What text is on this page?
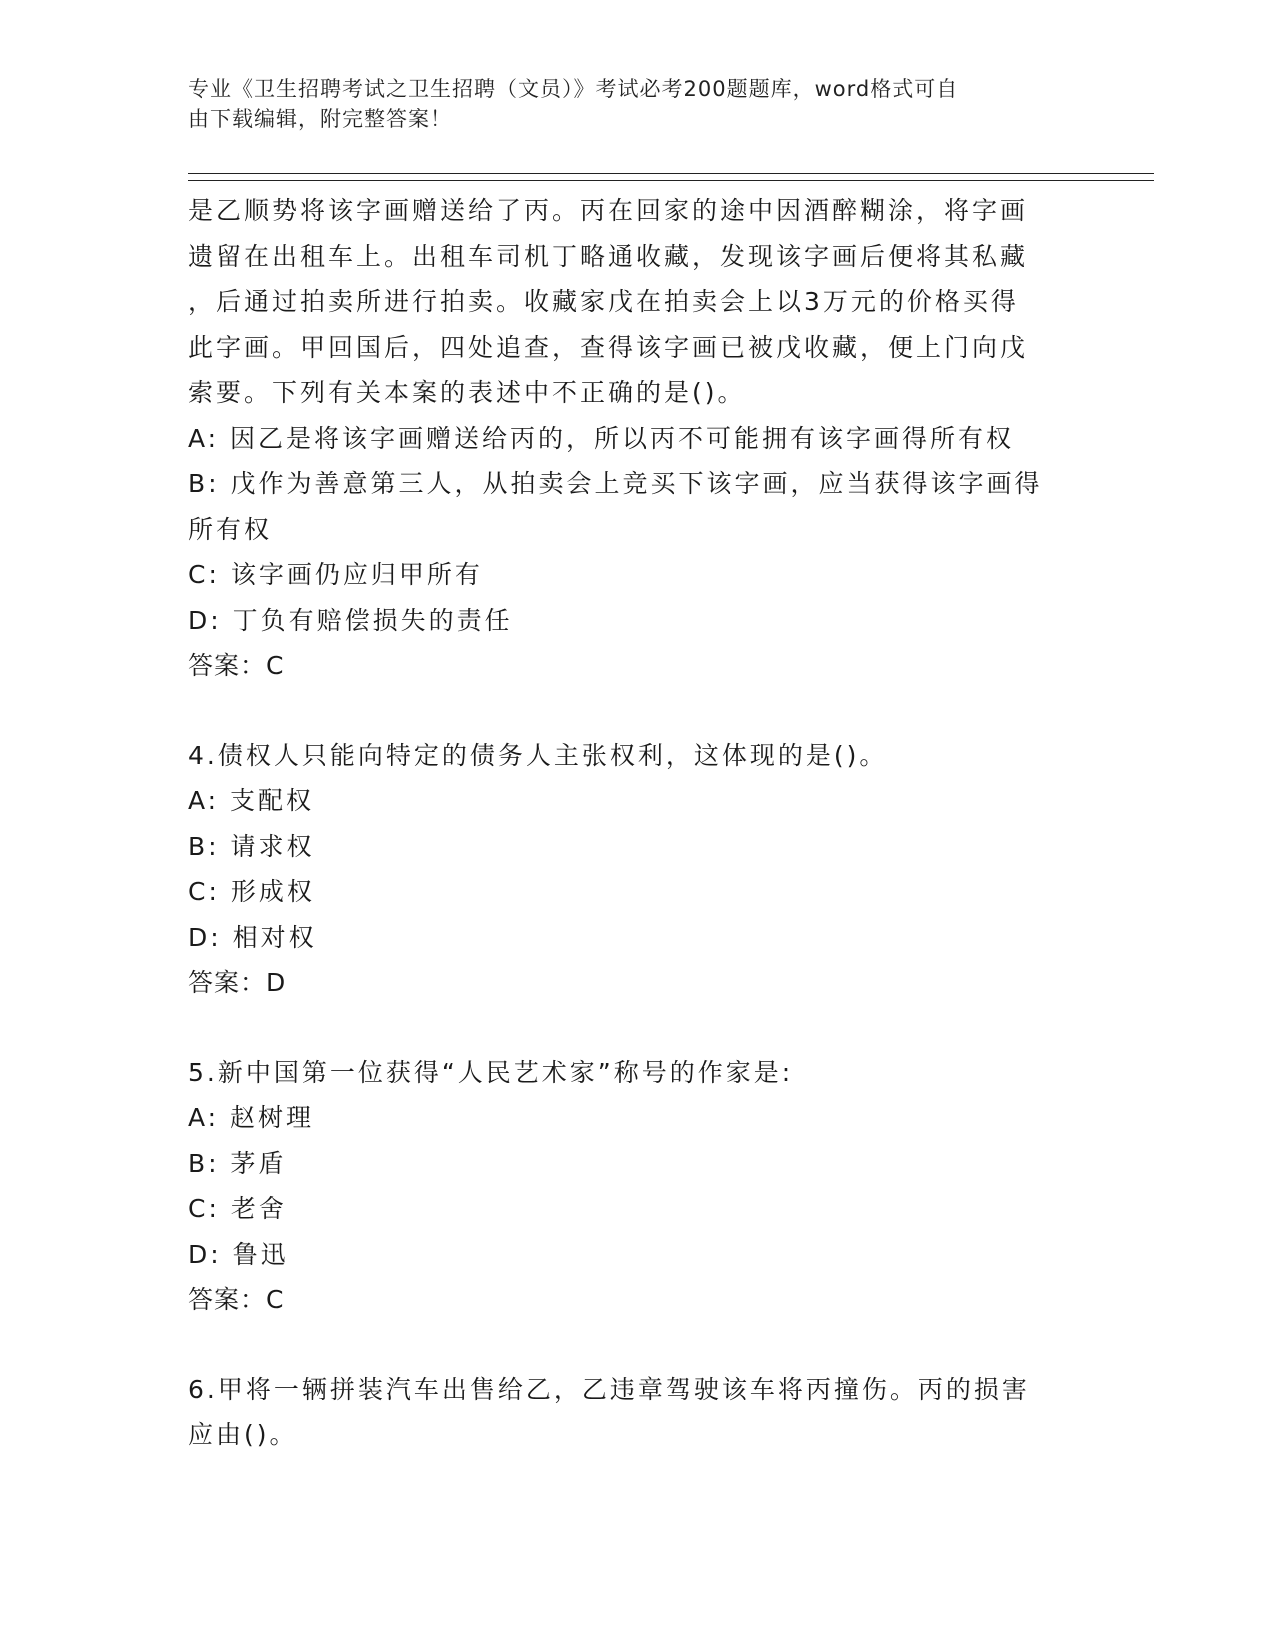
专业《卫生招聘考试之卫生招聘（文员）》考试必考200题题库，word格式可自
由下载编辑，附完整答案！
是乙顺势将该字画赠送给了丙。丙在回家的途中因酒醉糊涂，将字画
遗留在出租车上。出租车司机丁略通收藏，发现该字画后便将其私藏
，后通过拍卖所进行拍卖。收藏家戊在拍卖会上以3万元的价格买得
此字画。甲回国后，四处追查，查得该字画已被戊收藏，便上门向戊
索要。下列有关本案的表述中不正确的是()。
A: 因乙是将该字画赠送给丙的，所以丙不可能拥有该字画得所有权
B: 戊作为善意第三人，从拍卖会上竞买下该字画，应当获得该字画得
所有权
C: 该字画仍应归甲所有
D: 丁负有赔偿损失的责任
答案：C
4.债权人只能向特定的债务人主张权利，这体现的是()。
A: 支配权
B: 请求权
C: 形成权
D: 相对权
答案：D
5.新中国第一位获得“人民艺术家”称号的作家是:
A: 赵树理
B: 茅盾
C: 老舍
D: 鲁迅
答案：C
6.甲将一辆拼装汽车出售给乙，乙违章驾驶该车将丙撞伤。丙的损害
应由()。
